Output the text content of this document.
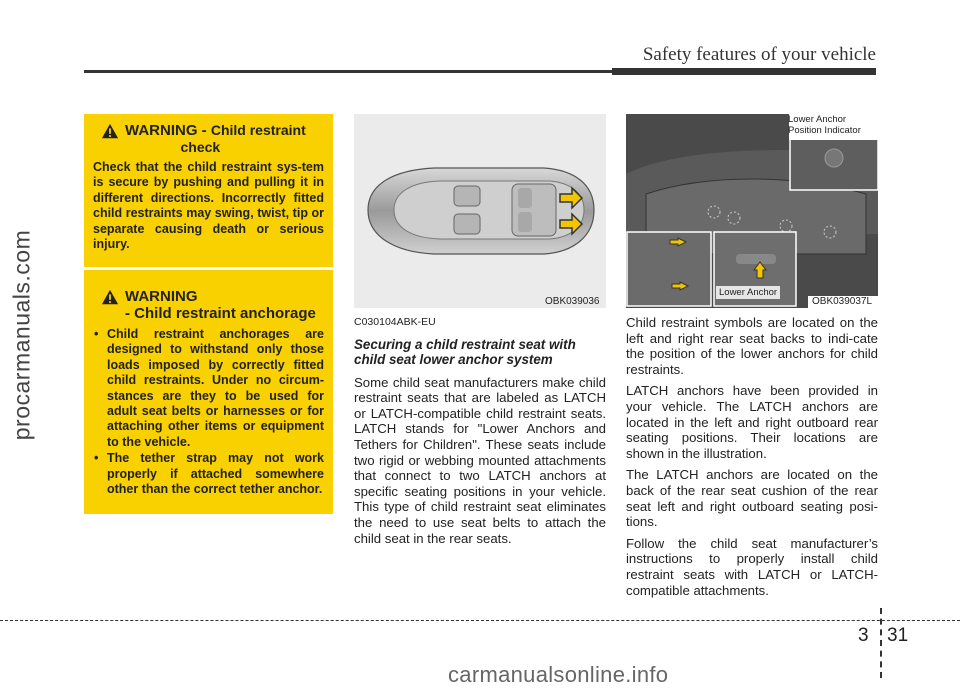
Safety features of your vehicle
procarmanuals.com
WARNING - Child restraint
check

Check that the child restraint sys-tem is secure by pushing and pulling it in different directions. Incorrectly fitted child restraints may swing, twist, tip or separate causing death or serious injury.

WARNING
- Child restraint anchorage
• Child restraint anchorages are designed to withstand only those loads imposed by correctly fitted child restraints. Under no circum-stances are they to be used for adult seat belts or harnesses or for attaching other items or equipment to the vehicle.
• The tether strap may not work properly if attached somewhere other than the correct tether anchor.
OBK039036
Lower Anchor
Position Indicator
Lower Anchor
OBK039037L
C030104ABK-EU
Securing a child restraint seat with child seat lower anchor system

Some child seat manufacturers make child restraint seats that are labeled as LATCH or LATCH-compatible child restraint seats. LATCH stands for "Lower Anchors and Tethers for Children". These seats include two rigid or webbing mounted attachments that connect to two LATCH anchors at specific seating positions in your vehicle. This type of child restraint seat eliminates the need to use seat belts to attach the child seat in the rear seats.

Child restraint symbols are located on the left and right rear seat backs to indi-cate the position of the lower anchors for child restraints.

LATCH anchors have been provided in your vehicle. The LATCH anchors are located in the left and right outboard rear seating positions. Their locations are shown in the illustration.

The LATCH anchors are located on the back of the rear seat cushion of the rear seat left and right outboard seating posi-tions.

Follow the child seat manufacturer’s instructions to properly install child restraint seats with LATCH or LATCH-compatible attachments.

3 31
carmanualsonline.info
